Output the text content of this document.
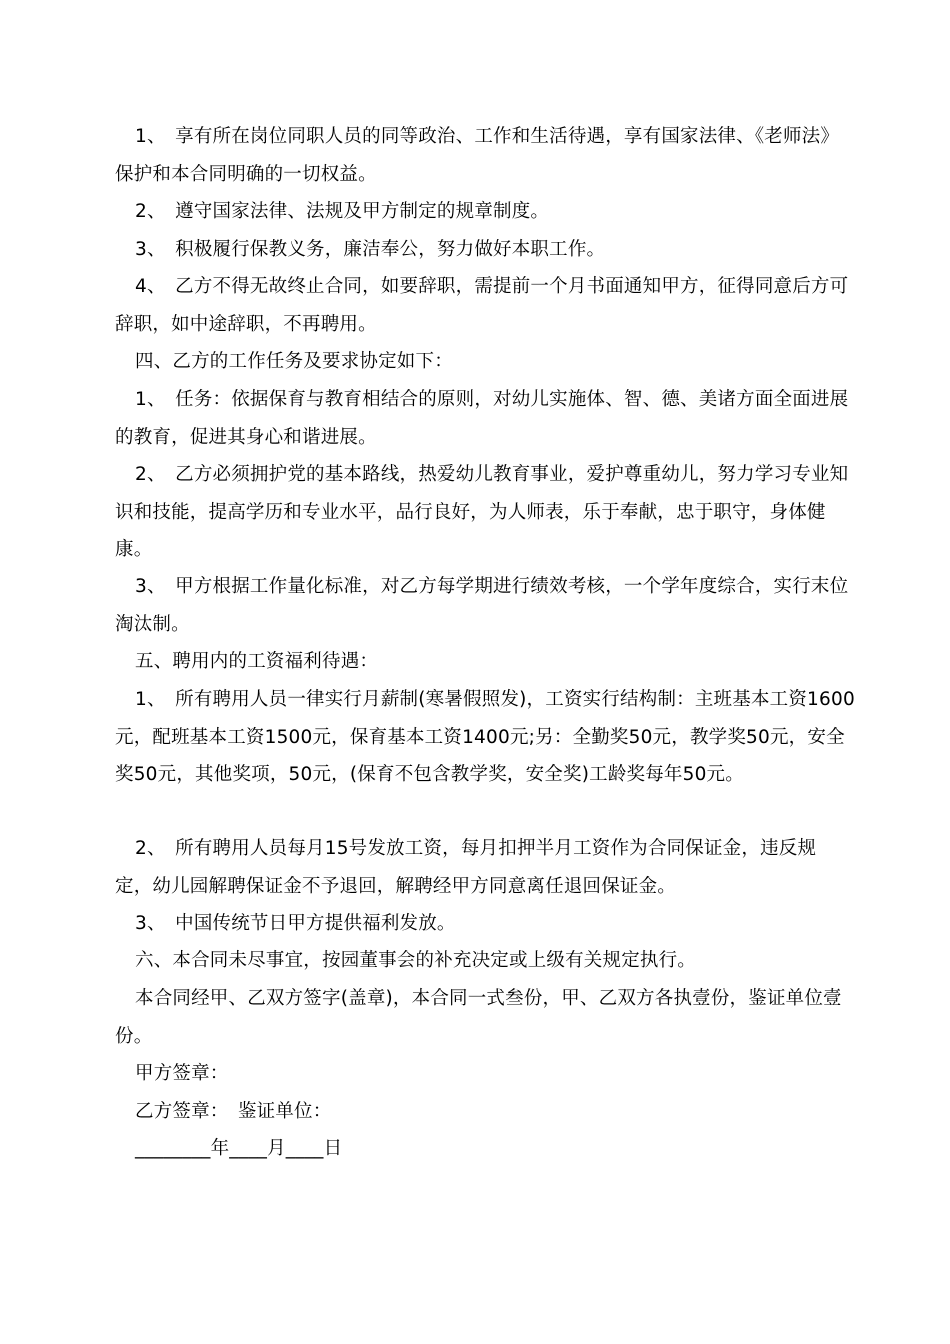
1、　享有所在岗位同职人员的同等政治、工作和生活待遇，享有国家法律、《老师法》保护和本合同明确的一切权益。

2、　遵守国家法律、法规及甲方制定的规章制度。

3、　积极履行保教义务，廉洁奉公，努力做好本职工作。

4、　乙方不得无故终止合同，如要辞职，需提前一个月书面通知甲方，征得同意后方可辞职，如中途辞职，不再聘用。

四、乙方的工作任务及要求协定如下：

1、　任务：依据保育与教育相结合的原则，对幼儿实施体、智、德、美诸方面全面进展的教育，促进其身心和谐进展。

2、　乙方必须拥护党的基本路线，热爱幼儿教育事业，爱护尊重幼儿，努力学习专业知识和技能，提高学历和专业水平，品行良好，为人师表，乐于奉献，忠于职守，身体健康。

3、　甲方根据工作量化标准，对乙方每学期进行绩效考核，一个学年度综合，实行末位淘汰制。

五、聘用内的工资福利待遇：

1、　所有聘用人员一律实行月薪制(寒暑假照发)，工资实行结构制：主班基本工资1600元，配班基本工资1500元，保育基本工资1400元;另：全勤奖50元，教学奖50元，安全奖50元，其他奖项，50元，(保育不包含教学奖，安全奖)工龄奖每年50元。

2、　所有聘用人员每月15号发放工资，每月扣押半月工资作为合同保证金，违反规定，幼儿园解聘保证金不予退回，解聘经甲方同意离任退回保证金。

3、　中国传统节日甲方提供福利发放。

六、本合同未尽事宜，按园董事会的补充决定或上级有关规定执行。

本合同经甲、乙双方签字(盖章)，本合同一式叁份，甲、乙双方各执壹份，鉴证单位壹份。

甲方签章：

乙方签章：　鉴证单位：

________年____月____日
